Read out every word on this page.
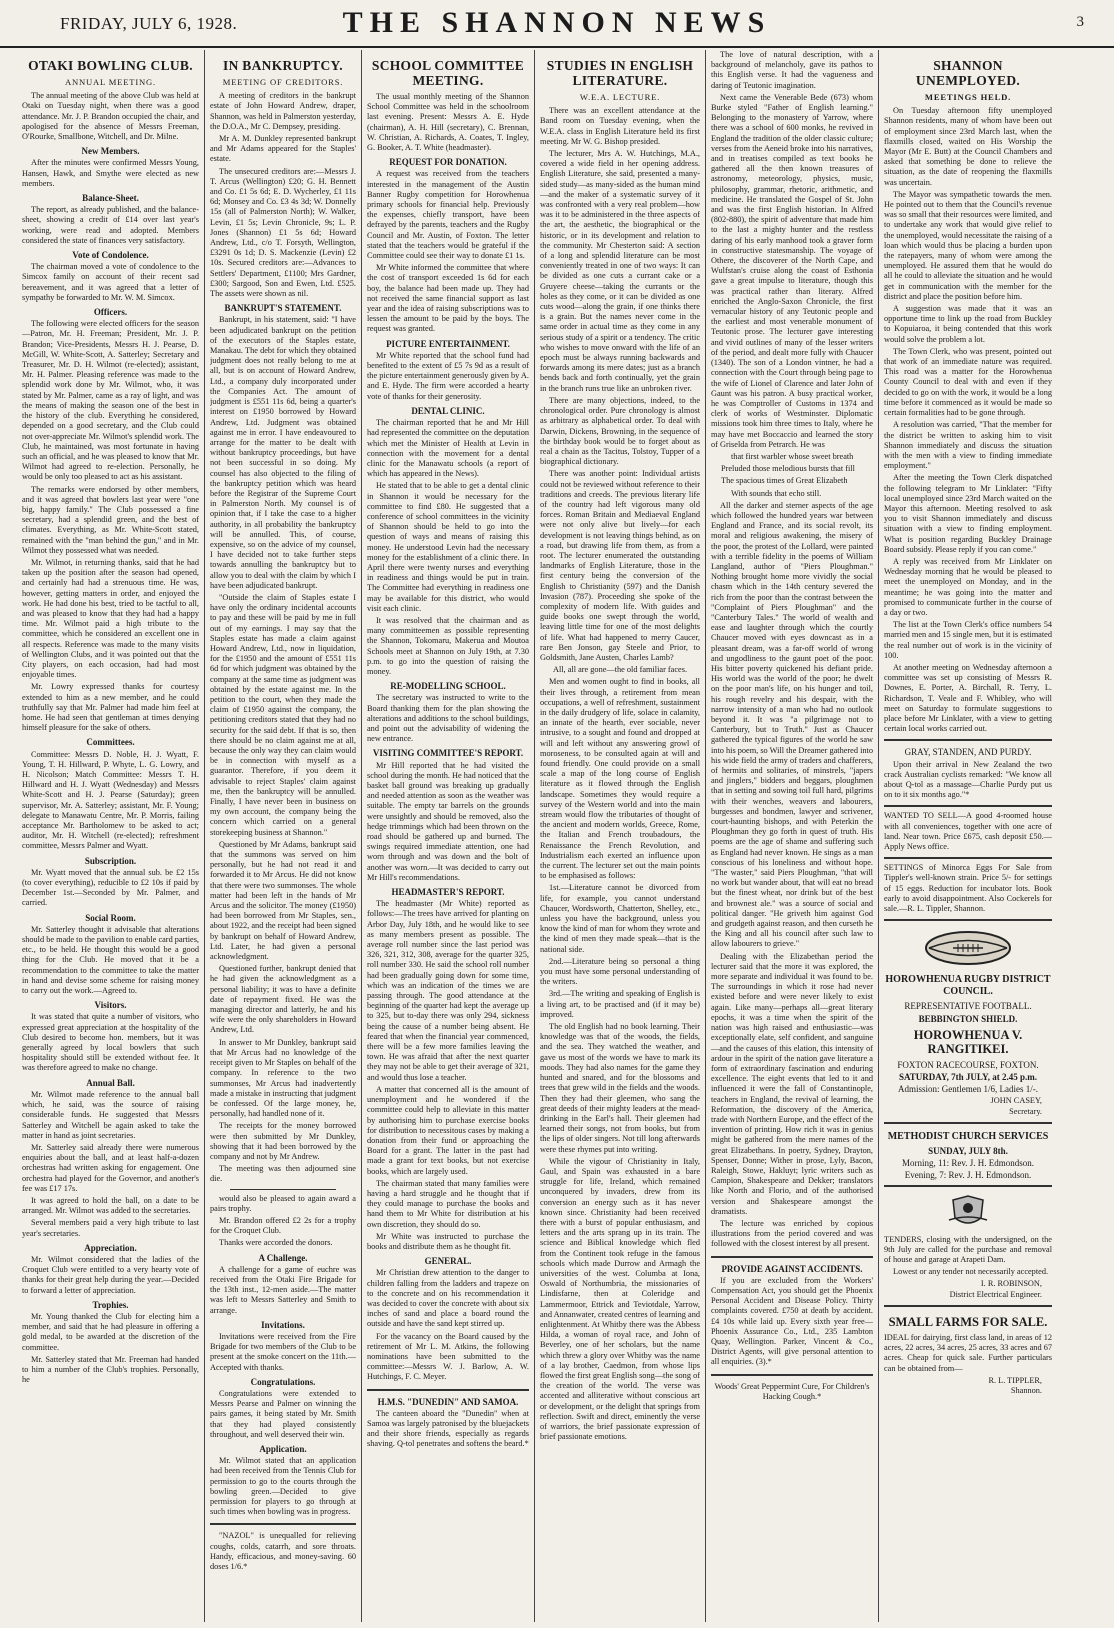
FRIDAY, JULY 6, 1928.	THE SHANNON NEWS	3
OTAKI BOWLING CLUB.
ANNUAL MEETING.

The annual meeting of the above Club was held at Otaki on Tuesday night, when there was a good attendance. Mr. J. P. Brandon occupied the chair, and apologised for the absence of Messrs Freeman, O'Rourke, Smallbone, Witchell, and Dr. Milne.

New Members.

After the minutes were confirmed Messrs Young, Hansen, Hawk, and Smythe were elected as new members.

Balance-Sheet.

The report, as already published, and the balance-sheet, showing a credit of £14 over last year's working, were read and adopted. Members considered the state of finances very satisfactory.

Vote of Condolence.

The chairman moved a vote of condolence to the Simcox family on account of their recent sad bereavement, and it was agreed that a letter of sympathy be forwarded to Mr. W. M. Simcox.

Officers.

The following were elected officers for the season—Patron, Mr. H. Freeman; President, Mr. J. P. Brandon; Vice-Presidents, Messrs H. J. Pearse, D. McGill, W. White-Scott, A. Satterley; Secretary and Treasurer, Mr. D. H. Wilmot (re-elected); assistant, Mr. H. Palmer. Pleasing reference was made to the splendid work done by Mr. Wilmot, who, it was stated by Mr. Palmer, came as a ray of light, and was the means of making the season one of the best in the history of the club. Everything he considered, depended on a good secretary, and the Club could not over-appreciate Mr. Wilmot's splendid work. The Club, he maintained, was most fortunate in having such an official, and he was pleased to know that Mr. Wilmot had agreed to re-election. Personally, he would be only too pleased to act as his assistant.

The remarks were endorsed by other members, and it was agreed that bowlers last year were "one big, happy family." The Club possessed a fine secretary, had a splendid green, and the best of climates. Everything, as Mr. White-Scott stated, remained with the "man behind the gun," and in Mr. Wilmot they possessed what was needed.

Mr. Wilmot, in returning thanks, said that he had taken up the position after the season had opened, and certainly had had a strenuous time. He was, however, getting matters in order, and enjoyed the work. He had done his best, tried to be tactful to all, and was pleased to know that they had had a happy time. Mr. Wilmot paid a high tribute to the committee, which he considered an excellent one in all respects. Reference was made to the many visits of Wellington Clubs, and it was pointed out that the City players, on each occasion, had had most enjoyable times.

Mr. Lowry expressed thanks for courtesy extended to him as a new member, and he could truthfully say that Mr. Palmer had made him feel at home. He had seen that gentleman at times denying himself pleasure for the sake of others.

Committees.

Committee: Messrs D. Noble, H. J. Wyatt, F. Young, T. H. Hillward, P. Whyte, L. G. Lowry, and H. Nicolson; Match Committee: Messrs T. H. Hillward and H. J. Wyatt (Wednesday) and Messrs White-Scott and H. J. Pearse (Saturday); green supervisor, Mr. A. Satterley; assistant, Mr. F. Young; delegate to Manawatu Centre, Mr. P. Morris, failing acceptance Mr. Bartholomew to be asked to act; auditor, Mr. H. Witchell (re-elected); refreshment committee, Messrs Palmer and Wyatt.

Subscription.

Mr. Wyatt moved that the annual sub. be £2 15s (to cover everything), reducible to £2 10s if paid by December 1st.—Seconded by Mr. Palmer, and carried.

Social Room.

Mr. Satterley thought it advisable that alterations should be made to the pavilion to enable card parties, etc., to be held. He thought this would be a good thing for the Club. He moved that it be a recommendation to the committee to take the matter in hand and devise some scheme for raising money to carry out the work.—Agreed to.

Visitors.

It was stated that quite a number of visitors, who expressed great appreciation at the hospitality of the Club desired to become hon. members, but it was generally agreed by local bowlers that such hospitality should still be extended without fee. It was therefore agreed to make no change.

Annual Ball.

Mr. Wilmot made reference to the annual ball which, he said, was the source of raising considerable funds. He suggested that Messrs Satterley and Witchell be again asked to take the matter in hand as joint secretaries.

Mr. Satterley said already there were numerous enquiries about the ball, and at least half-a-dozen orchestras had written asking for engagement. One orchestra had played for the Governor, and another's fee was £17 17s.

It was agreed to hold the ball, on a date to be arranged. Mr. Wilmot was added to the secretaries.

Several members paid a very high tribute to last year's secretaries.

Appreciation.

Mr. Wilmot considered that the ladies of the Croquet Club were entitled to a very hearty vote of thanks for their great help during the year.—Decided to forward a letter of appreciation.

Trophies.

Mr. Young thanked the Club for electing him a member, and said that he had pleasure in offering a gold medal, to be awarded at the discretion of the committee.

Mr. Satterley stated that Mr. Freeman had handed to him a number of the Club's trophies. Personally, he

IN BANKRUPTCY.
MEETING OF CREDITORS.

A meeting of creditors in the bankrupt estate of John Howard Andrew, draper, Shannon, was held in Palmerston yesterday, the D.O.A., Mr C. Dempsey, presiding.

Mr A. M. Dunkley represented bankrupt and Mr Adams appeared for the Staples' estate.

The unsecured creditors are:—Messrs J. T. Arcus (Wellington) £20; G. H. Bennett and Co. £1 5s 6d; E. D. Wycherley, £1 11s 6d; Monsey and Co. £3 4s 3d; W. Donnelly 15s (all of Palmerston North); W. Walker, Levin, £1 5s; Levin Chronicle, 9s; L. P. Jones (Shannon) £1 5s 6d; Howard Andrew, Ltd., c/o T. Forsyth, Wellington, £3291 0s 1d; D. S. Mackenzie (Levin) £2 10s. Secured creditors are:—Advances to Settlers' Department, £1100; Mrs Gardner, £300; Sargood, Son and Ewen, Ltd. £525. The assets were shown as nil.

BANKRUPT'S STATEMENT.

Bankrupt, in his statement, said: "I have been adjudicated bankrupt on the petition of the executors of the Staples estate, Manakau. The debt for which they obtained judgment does not really belong to me at all, but is on account of Howard Andrew, Ltd., a company duly incorporated under the Companies Act. The amount of judgment is £551 11s 6d, being a quarter's interest on £1950 borrowed by Howard Andrew, Ltd. Judgment was obtained against me in error. I have endeavoured to arrange for the matter to be dealt with without bankruptcy proceedings, but have not been successful in so doing. My counsel has also objected to the filing of the bankruptcy petition which was heard before the Registrar of the Supreme Court in Palmerston North. My counsel is of opinion that, if I take the case to a higher authority, in all probability the bankruptcy will be annulled. This, of course, expensive, so on the advice of my counsel, I have decided not to take further steps towards annulling the bankruptcy but to allow you to deal with the claim by which I have been adjudicated bankrupt.

"Outside the claim of Staples estate I have only the ordinary incidental accounts to pay and these will be paid by me in full out of my earnings. I may say that the Staples estate has made a claim against Howard Andrew, Ltd., now in liquidation, for the £1950 and the amount of £551 11s 6d for which judgment was obtained by the company at the same time as judgment was obtained by the estate against me. In the petition to the court, when they made the claim of £1950 against the company, the petitioning creditors stated that they had no security for the said debt. If that is so, then there should be no claim against me at all, because the only way they can claim would be in connection with myself as a guarantor. Therefore, if you deem it advisable to reject Staples' claim against me, then the bankruptcy will be annulled. Finally, I have never been in business on my own account, the company being the concern which carried on a general storekeeping business at Shannon."

Questioned by Mr Adams, bankrupt said that the summons was served on him personally, but he had not read it and forwarded it to Mr Arcus. He did not know that there were two summonses. The whole matter had been left in the hands of Mr Arcus and the solicitor. The money (£1950) had been borrowed from Mr Staples, sen., about 1922, and the receipt had been signed by bankrupt on behalf of Howard Andrew, Ltd. Later, he had given a personal acknowledgment.

Questioned further, bankrupt denied that he had given the acknowledgment as a personal liability; it was to have a definite date of repayment fixed. He was the managing director and latterly, he and his wife were the only shareholders in Howard Andrew, Ltd.

In answer to Mr Dunkley, bankrupt said that Mr Arcus had no knowledge of the receipt given to Mr Staples on behalf of the company. In reference to the two summonses, Mr Arcus had inadvertently made a mistake in instructing that judgment be confessed. Of the large money, he, personally, had handled none of it.

The receipts for the money borrowed were then submitted by Mr Dunkley, showing that it had been borrowed by the company and not by Mr Andrew.

The meeting was then adjourned sine die.

would also be pleased to again award a pairs trophy.

Mr. Brandon offered £2 2s for a trophy for the Croquet Club.

Thanks were accorded the donors.

A Challenge.

A challenge for a game of euchre was received from the Otaki Fire Brigade for the 13th inst., 12-men aside.—The matter was left to Messrs Satterley and Smith to arrange.

Invitations.

Invitations were received from the Fire Brigade for two members of the Club to be present at the smoke concert on the 11th.—Accepted with thanks.

Congratulations.

Congratulations were extended to Messrs Pearse and Palmer on winning the pairs games, it being stated by Mr. Smith that they had played consistently throughout, and well deserved their win.

Application.

Mr. Wilmot stated that an application had been received from the Tennis Club for permission to go to the courts through the bowling green.—Decided to give permission for players to go through at such times when bowling was in progress.

"NAZOL" is unequalled for relieving coughs, colds, catarrh, and sore throats. Handy, efficacious, and money-saving. 60 doses 1/6.*

SCHOOL COMMITTEE MEETING.

The usual monthly meeting of the Shannon School Committee was held in the schoolroom last evening. Present: Messrs A. E. Hyde (chairman), A. H. Hill (secretary), C. Brennan, W. Christian, A. Richards, A. Coates, T. Ingley, G. Booker, A. T. White (headmaster).

REQUEST FOR DONATION.

A request was received from the teachers interested in the management of the Austin Banner Rugby competition for Horowhenua primary schools for financial help. Previously the expenses, chiefly transport, have been defrayed by the parents, teachers and the Rugby Council and Mr. Austin, of Foxton. The letter stated that the teachers would be grateful if the Committee could see their way to donate £1 1s.

Mr White informed the committee that where the cost of transport exceeded 1s 6d for each boy, the balance had been made up. They had not received the same financial support as last year and the idea of raising subscriptions was to lessen the amount to be paid by the boys. The request was granted.

PICTURE ENTERTAINMENT.

Mr White reported that the school fund had benefited to the extent of £5 7s 9d as a result of the picture entertainment generously given by A. and E. Hyde. The firm were accorded a hearty vote of thanks for their generosity.

DENTAL CLINIC.

The chairman reported that he and Mr Hill had represented the committee on the deputation which met the Minister of Health at Levin in connection with the movement for a dental clinic for the Manawatu schools (a report of which has appeared in the News).

He stated that to be able to get a dental clinic in Shannon it would be necessary for the committee to find £80. He suggested that a conference of school committees in the vicinity of Shannon should be held to go into the question of ways and means of raising this money. He understood Levin had the necessary money for the establishment of a clinic there. In April there were twenty nurses and everything in readiness and things would be put in train. The Committee had everything in readiness one may be available for this district, who would visit each clinic.

It was resolved that the chairman and as many committeemen as possible representing the Shannon, Tokomaru, Makerua and Moutoa Schools meet at Shannon on July 19th, at 7.30 p.m. to go into the question of raising the money.

RE-MODELLING SCHOOL.

The secretary was instructed to write to the Board thanking them for the plan showing the alterations and additions to the school buildings, and point out the advisability of widening the new entrance.

VISITING COMMITTEE'S REPORT.

Mr Hill reported that he had visited the school during the month. He had noticed that the basket ball ground was breaking up gradually and needed attention as soon as the weather was suitable. The empty tar barrels on the grounds were unsightly and should be removed, also the hedge trimmings which had been thrown on the road should be gathered up and burned. The swings required immediate attention, one had worn through and was down and the bolt of another was worn.—It was decided to carry out Mr Hill's recommendations.

HEADMASTER'S REPORT.

The headmaster (Mr White) reported as follows:—The trees have arrived for planting on Arbor Day, July 18th, and he would like to see as many members present as possible. The average roll number since the last period was 326, 321, 312, 308, average for the quarter 325, roll number 330. He said the school roll number had been gradually going down for some time, which was an indication of the times we are passing through. The good attendance at the beginning of the quarter had kept the average up to 325, but to-day there was only 294, sickness being the cause of a number being absent. He feared that when the financial year commenced, there will be a few more families leaving the town. He was afraid that after the next quarter they may not be able to get their average of 321, and would thus lose a teacher.

A matter that concerned all is the amount of unemployment and he wondered if the committee could help to alleviate in this matter by authorising him to purchase exercise books for distribution to necessitous cases by making a donation from their fund or approaching the Board for a grant. The latter in the past had made a grant for text books, but not exercise books, which are largely used.

The chairman stated that many families were having a hard struggle and he thought that if they could manage to purchase the books and hand them to Mr White for distribution at his own discretion, they should do so.

Mr White was instructed to purchase the books and distribute them as he thought fit.

GENERAL.

Mr Christian drew attention to the danger to children falling from the ladders and trapeze on to the concrete and on his recommendation it was decided to cover the concrete with about six inches of sand and place a board round the outside and have the sand kept stirred up.

For the vacancy on the Board caused by the retirement of Mr L. M. Atkins, the following nominations have been submitted to the committee:—Messrs W. J. Barlow, A. W. Hutchings, F. C. Meyer.

H.M.S. "DUNEDIN" AND SAMOA.

The canteen aboard the "Dunedin" when at Samoa was largely patronised by the bluejackets and their shore friends, especially as regards shaving. Q-tol penetrates and softens the beard.*

STUDIES IN ENGLISH LITERATURE.
W.E.A. LECTURE.

There was an excellent attendance at the Band room on Tuesday evening, when the W.E.A. class in English Literature held its first meeting. Mr W. G. Bishop presided.

The lecturer, Mrs A. W. Hutchings, M.A., covered a wide field in her opening address. English Literature, she said, presented a many-sided study—as many-sided as the human mind—and the maker of a systematic survey of it was confronted with a very real problem—how was it to be administered in the three aspects of the art, the aesthetic, the biographical or the historic, or in its development and relation to the community. Mr Chesterton said: A section of a long and splendid literature can be most conveniently treated in one of two ways: It can be divided as one cuts a currant cake or a Gruyere cheese—taking the currants or the holes as they come, or it can be divided as one cuts wood—along the grain, if one thinks there is a grain. But the names never come in the same order in actual time as they come in any serious study of a spirit or a tendency. The critic who wishes to move onward with the life of an epoch must be always running backwards and forwards among its mere dates; just as a branch bends back and forth continually, yet the grain in the branch runs true like an unbroken river.

There are many objections, indeed, to the chronological order. Pure chronology is almost as arbitrary as alphabetical order. To deal with Darwin, Dickens, Browning, in the sequence of the birthday book would be to forget about as real a chain as the Tacitus, Tolstoy, Tupper of a biographical dictionary.

There was another point: Individual artists could not be reviewed without reference to their traditions and creeds. The previous literary life of the country had left vigorous many old forces. Roman Britain and Mediaeval England were not only alive but lively—for each development is not leaving things behind, as on a road, but drawing life from them, as from a root. The lecturer enumerated the outstanding landmarks of English Literature, those in the first century being the conversion of the English to Christianity (597) and the Danish Invasion (787). Proceeding she spoke of the complexity of modern life. With guides and guide books one swept through the world, leaving little time for one of the most delights of life. What had happened to merry Caucer, rare Ben Jonson, gay Steele and Prior, to Goldsmith, Jane Austen, Charles Lamb?

All, all are gone—the old familiar faces.

Men and women ought to find in books, all their lives through, a retirement from mean occupations, a well of refreshment, sustainment in the daily drudgery of life, solace in calamity, an innate of the hearth, ever sociable, never intrusive, to a sought and found and dropped at will and left without any answering growl of moroseness, to be consulted again at will and found friendly. One could provide on a small scale a map of the long course of English literature as it flowed through the English landscape. Sometimes they would require a survey of the Western world and into the main stream would flow the tributaries of thought of the ancient and modern worlds, Greece, Rome, the Italian and French troubadours, the Renaissance the French Revolution, and Industrialism each exerted an influence upon the current. The lecturer set out the main points to be emphasised as follows:

1st.—Literature cannot be divorced from life, for example, you cannot understand Chaucer, Wordsworth, Chatterton, Shelley, etc., unless you have the background, unless you know the kind of man for whom they wrote and the kind of men they made speak—that is the national side.

2nd.—Literature being so personal a thing you must have some personal understanding of the writers.

3rd.—The writing and speaking of English is a living art, to be practised and (if it may be) improved.

The old English had no book learning. Their knowledge was that of the woods, the fields, and the sea. They watched the weather, and gave us most of the words we have to mark its moods. They had also names for the game they hunted and snared, and for the blossoms and trees that grew wild in the fields and the woods. Then they had their gleemen, who sang the great deeds of their mighty leaders at the mead-drinking in the Earl's hall. Their gleemen had learned their songs, not from books, but from the lips of older singers. Not till long afterwards were these rhymes put into writing.

While the vigour of Christianity in Italy, Gaul, and Spain was exhausted in a bare struggle for life, Ireland, which remained unconquered by invaders, drew from its conversion an energy such as it has never known since. Christianity had been received there with a burst of popular enthusiasm, and letters and the arts sprang up in its train. The science and Biblical knowledge which fled from the Continent took refuge in the famous schools which made Durrow and Armagh the universities of the west. Columba at Iona, Oswald of Northumbria, the missionaries of Lindisfarne, then at Coleridge and Lammermoor, Ettrick and Teviotdale, Yarrow, and Annanwater, created centres of learning and enlightenment. At Whitby there was the Abbess Hilda, a woman of royal race, and John of Beverley, one of her scholars, but the name which threw a glory over Whitby was the name of a lay brother, Caedmon, from whose lips flowed the first great English song—the song of the creation of the world. The verse was accented and alliterative without conscious art or development, or the delight that springs from reflection. Swift and direct, eminently the verse of warriors, the brief passionate expression of brief passionate emotions.

The love of natural description, with a background of melancholy, gave its pathos to this English verse. It had the vagueness and daring of Teutonic imagination.

Next came the Venerable Bede (673) whom Burke styled "Father of English learning." Belonging to the monastery of Yarrow, where there was a school of 600 monks, he revived in England the tradition of the older classic culture; verses from the Aeneid broke into his narratives, and in treatises compiled as text books he gathered all the then known treasures of astronomy, meteorology, physics, music, philosophy, grammar, rhetoric, arithmetic, and medicine. He translated the Gospel of St. John and was the first English historian. In Alfred (802-880), the spirit of adventure that made him to the last a mighty hunter and the restless daring of his early manhood took a graver form in constructive statesmanship. The voyage of Othere, the discoverer of the North Cape, and Wulfstan's cruise along the coast of Esthonia gave a great impulse to literature, though this was practical rather than literary. Alfred enriched the Anglo-Saxon Chronicle, the first vernacular history of any Teutonic people and the earliest and most venerable monument of Teutonic prose. The lecturer gave interesting and vivid outlines of many of the lesser writers of the period, and dealt more fully with Chaucer (1340). The son of a London vintner, he had a connection with the Court through being page to the wife of Lionel of Clarence and later John of Gaunt was his patron. A busy practical worker, he was Comptroller of Customs in 1374 and clerk of works of Westminster. Diplomatic missions took him three times to Italy, where he may have met Boccaccio and learned the story of Griselda from Petrarch. He was

that first warbler whose sweet breath

Preluded those melodious bursts that fill

The spacious times of Great Elizabeth

With sounds that echo still.

All the darker and sterner aspects of the age which followed the hundred years war between England and France, and its social revolt, its moral and religious awakening, the misery of the poor, the protest of the Lollard, were painted with a terrible fidelity in the poems of William Langland, author of "Piers Ploughman." Nothing brought home more vividly the social chasm which in the 14th century severed the rich from the poor than the contrast between the "Complaint of Piers Ploughman" and the "Canterbury Tales." The world of wealth and ease and laughter through which the courtly Chaucer moved with eyes downcast as in a pleasant dream, was a far-off world of wrong and ungodliness to the gaunt poet of the poor. His bitter poverty quickened his defiant pride. His world was the world of the poor; he dwelt on the poor man's life, on his hunger and toil, his rough revelry and his despair, with the narrow intensity of a man who had no outlook beyond it. It was "a pilgrimage not to Canterbury, but to Truth." Just as Chaucer gathered the typical figures of the world he saw into his poem, so Will the Dreamer gathered into his wide field the army of traders and chafferers, of hermits and solitaries, of minstrels, "japers and jinglers," bidders and beggars, ploughmen that in setting and sowing toil full hard, pilgrims with their wenches, weavers and labourers, burgesses and bondmen, lawyer and scrivener, court-haunting bishops, and with Peterkin the Ploughman they go forth in quest of truth. His poems are the age of shame and suffering such as England had never known. He sings as a man conscious of his loneliness and without hope. "The waster," said Piers Ploughman, "that will no work but wander about, that will eat no bread but the finest wheat, nor drink but of the best and brownest ale." was a source of social and political danger. "He griveth him against God and grudgeth against reason, and then curseth he the King and all his council after such law to allow labourers to grieve."

Dealing with the Elizabethan period the lecturer said that the more it was explored, the more separate and individual it was found to be. The surroundings in which it rose had never existed before and were never likely to exist again. Like many—perhaps all—great literary epochs, it was a time when the spirit of the nation was high raised and enthusiastic—was exceptionally elate, self confident, and sanguine—and the causes of this elation, this intensity of ardour in the spirit of the nation gave literature a form of extraordinary fascination and enduring excellence. The eight events that led to it and influenced it were the fall of Constantinople, teachers in England, the revival of learning, the Reformation, the discovery of the America, trade with Northern Europe, and the effect of the invention of printing. How rich it was in genius might be gathered from the mere names of the great Elizabethans. In poetry, Sydney, Drayton, Spenser, Donne; Wither in prose, Lyly, Bacon, Raleigh, Stowe, Hakluyt; lyric writers such as Campion, Shakespeare and Dekker; translators like North and Florio, and of the authorised version and Shakespeare amongst the dramatists.

The lecture was enriched by copious illustrations from the period covered and was followed with the closest interest by all present.

PROVIDE AGAINST ACCIDENTS.

If you are excluded from the Workers' Compensation Act, you should get the Phoenix Personal Accident and Disease Policy. Thirty complaints covered. £750 at death by accident. £4 10s while laid up. Every sixth year free—Phoenix Assurance Co., Ltd., 235 Lambton Quay, Wellington. Parker, Vincent & Co., District Agents, will give personal attention to all enquiries. (3).*

Woods' Great Peppermint Cure, For Children's Hacking Cough.*

SHANNON UNEMPLOYED.
MEETINGS HELD.

On Tuesday afternoon fifty unemployed Shannon residents, many of whom have been out of employment since 23rd March last, when the flaxmills closed, waited on His Worship the Mayor (Mr E. Butt) at the Council Chambers and asked that something be done to relieve the situation, as the date of reopening the flaxmills was uncertain.

The Mayor was sympathetic towards the men. He pointed out to them that the Council's revenue was so small that their resources were limited, and to undertake any work that would give relief to the unemployed, would necessitate the raising of a loan which would thus be placing a burden upon the ratepayers, many of whom were among the unemployed. He assured them that he would do all he could to alleviate the situation and he would get in communication with the member for the district and place the position before him.

A suggestion was made that it was an opportune time to link up the road from Buckley to Kopuiaroa, it being contended that this work would solve the problem a lot.

The Town Clerk, who was present, pointed out that work of an immediate nature was required. This road was a matter for the Horowhenua County Council to deal with and even if they decided to go on with the work, it would be a long time before it commenced as it would be made so certain formalities had to be gone through.

A resolution was carried, "That the member for the district be written to asking him to visit Shannon immediately and discuss the situation with the men with a view to finding immediate employment."

After the meeting the Town Clerk dispatched the following telegram to Mr Linklater: "Fifty local unemployed since 23rd March waited on the Mayor this afternoon. Meeting resolved to ask you to visit Shannon immediately and discuss situation with a view to finding employment. What is position regarding Buckley Drainage Board subsidy. Please reply if you can come."

A reply was received from Mr Linklater on Wednesday morning that he would be pleased to meet the unemployed on Monday, and in the meantime; he was going into the matter and promised to communicate further in the course of a day or two.

The list at the Town Clerk's office numbers 54 married men and 15 single men, but it is estimated the real number out of work is in the vicinity of 100.

At another meeting on Wednesday afternoon a committee was set up consisting of Messrs R. Downes, E. Porter, A. Birchall, R. Terry, L. Richardson, T. Veale and F. Whibley, who will meet on Saturday to formulate suggestions to place before Mr Linklater, with a view to getting certain local works carried out.

GRAY, STANDEN, AND PURDY.

Upon their arrival in New Zealand the two crack Australian cyclists remarked: "We know all about Q-tol as a massage—Charlie Purdy put us on to it six months ago."*

WANTED TO SELL—A good 4-roomed house with all conveniences, together with one acre of land. Near town. Price £675, cash deposit £50.—Apply News office.

SETTINGS of Minorca Eggs For Sale from Tippler's well-known strain. Price 5/- for settings of 15 eggs. Reduction for incubator lots. Book early to avoid disappointment. Also Cockerels for sale.—R. L. Tippler, Shannon.

HOROWHENUA RUGBY DISTRICT COUNCIL.
REPRESENTATIVE FOOTBALL.
BEBBINGTON SHIELD.
HOROWHENUA V. RANGITIKEI.
FOXTON RACECOURSE, FOXTON.
SATURDAY, 7th JULY, at 2.45 p.m.
Admission: Gentlemen 1/6, Ladies 1/-.
JOHN CASEY,
Secretary.
METHODIST CHURCH SERVICES
SUNDAY, JULY 8th.
Morning, 11: Rev. J. H. Edmondson.
Evening, 7: Rev. J. H. Edmondson.

TENDERS, closing with the undersigned, on the 9th July are called for the purchase and removal of house and garage at Arapeti Dam.

Lowest or any tender not necessarily accepted.

I. R. ROBINSON,
District Electrical Engineer.
SMALL FARMS FOR SALE.

IDEAL for dairying, first class land, in areas of 12 acres, 22 acres, 34 acres, 25 acres, 33 acres and 67 acres. Cheap for quick sale. Further particulars can be obtained from—

R. L. TIPPLER,
Shannon.
